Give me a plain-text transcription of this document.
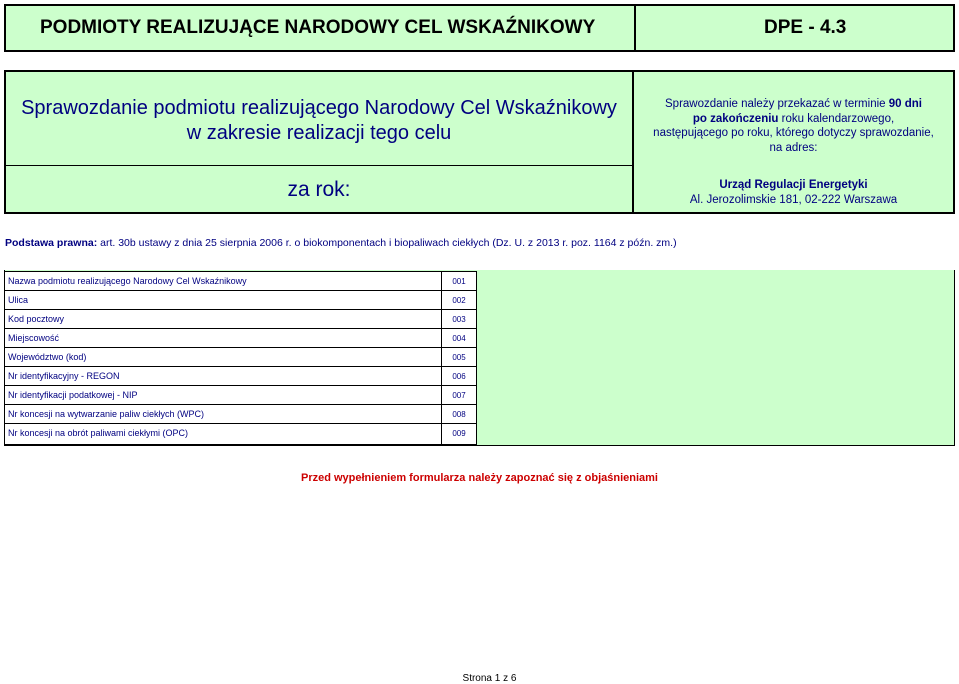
PODMIOTY REALIZUJĄCE NARODOWY CEL WSKAŹNIKOWY	DPE - 4.3
Sprawozdanie podmiotu realizującego Narodowy Cel Wskaźnikowy
w zakresie realizacji tego celu
za rok:
Sprawozdanie należy przekazać w terminie 90 dni
po zakończeniu roku kalendarzowego,
następującego po roku, którego dotyczy sprawozdanie,
na adres:
Urząd Regulacji Energetyki
Al. Jerozolimskie 181, 02-222 Warszawa
Podstawa prawna: art. 30b ustawy z dnia 25 sierpnia 2006 r. o biokomponentach i biopaliwach ciekłych (Dz. U. z 2013 r. poz. 1164 z późn. zm.)
Nazwa podmiotu realizującego Narodowy Cel Wskaźnikowy	001
Ulica	002
Kod pocztowy	003
Miejscowość	004
Województwo (kod)	005
Nr identyfikacyjny - REGON	006
Nr identyfikacji podatkowej - NIP	007
Nr koncesji na wytwarzanie paliw ciekłych (WPC)	008
Nr koncesji na obrót paliwami ciekłymi (OPC)	009
Przed wypełnieniem formularza należy zapoznać się z objaśnieniami
Strona 1 z 6
